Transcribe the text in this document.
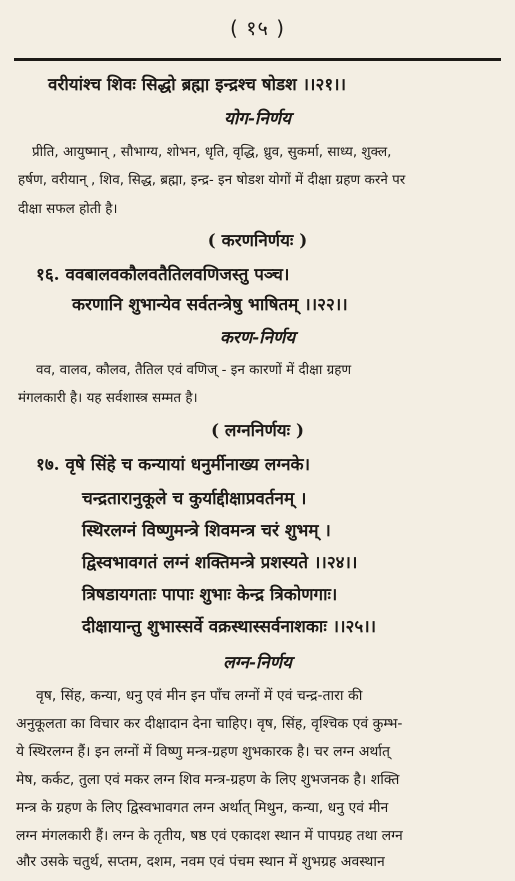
( १५ )
वरीयांश्च शिवः सिद्धो ब्रह्मा इन्द्रश्च षोडश ।।२१।।
योग-निर्णय
प्रीति, आयुष्मान् , सौभाग्य, शोभन, धृति, वृद्धि, ध्रुव, सुकर्मा, साध्य, शुक्ल,
हर्षण, वरीयान् , शिव, सिद्ध, ब्रह्मा, इन्द्र- इन षोडश योगों में दीक्षा ग्रहण करने पर
दीक्षा सफल होती है।
( करणनिर्णयः )
१६. ववबालवकौलवतैतिलवणिजस्तु पञ्च।
करणानि शुभान्येव सर्वतन्त्रेषु भाषितम् ।।२२।।
करण-निर्णय
वव, वालव, कौलव, तैतिल एवं वणिज् - इन कारणों में दीक्षा ग्रहण
मंगलकारी है। यह सर्वशास्त्र सम्मत है।
( लग्ननिर्णयः )
१७. वृषे सिंहे च कन्यायां धनुर्मीनाख्य लग्नके।
चन्द्रतारानुकूले च कुर्याद्दीक्षाप्रवर्तनम् ।
स्थिरलग्नं विष्णुमन्त्रे शिवमन्त्र चरं शुभम् ।
द्विस्वभावगतं लग्नं शक्तिमन्त्रे प्रशस्यते ।।२४।।
त्रिषडायगताः पापाः शुभाः केन्द्र त्रिकोणगाः।
दीक्षायान्तु शुभास्सर्वे वक्रस्थास्सर्वनाशकाः ।।२५।।
लग्न-निर्णय
वृष, सिंह, कन्या, धनु एवं मीन इन पाँच लग्नों में एवं चन्द्र-तारा की
अनुकूलता का विचार कर दीक्षादान देना चाहिए। वृष, सिंह, वृश्चिक एवं कुम्भ-
ये स्थिरलग्न हैं। इन लग्नों में विष्णु मन्त्र-ग्रहण शुभकारक है। चर लग्न अर्थात्
मेष, कर्कट, तुला एवं मकर लग्न शिव मन्त्र-ग्रहण के लिए शुभजनक है। शक्ति
मन्त्र के ग्रहण के लिए द्विस्वभावगत लग्न अर्थात् मिथुन, कन्या, धनु एवं मीन
लग्न मंगलकारी हैं। लग्न के तृतीय, षष्ठ एवं एकादश स्थान में पापग्रह तथा लग्न
और उसके चतुर्थ, सप्तम, दशम, नवम एवं पंचम स्थान में शुभग्रह अवस्थान
